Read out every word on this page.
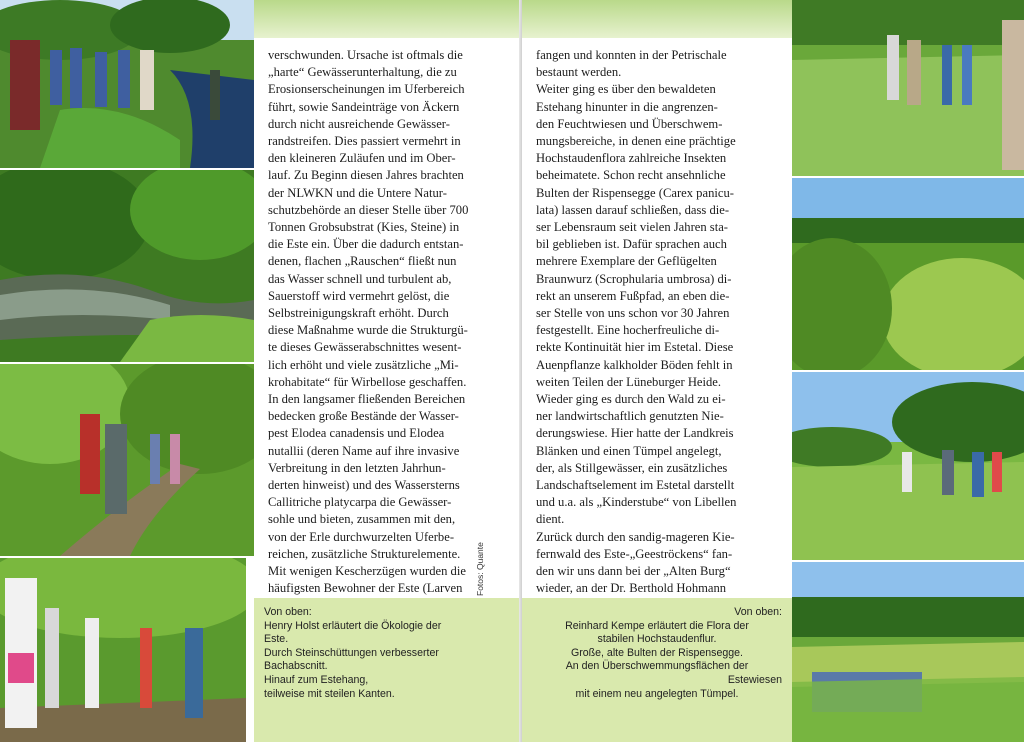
verschwunden. Ursache ist oftmals die

„harte“ Gewässerunterhaltung, die zu

Erosionserscheinungen im Uferbereich

führt, sowie Sandeinträge von Äckern

durch nicht ausreichende Gewässer-

randstreifen. Dies passiert vermehrt in

den kleineren Zuläufen und im Ober-

lauf. Zu Beginn diesen Jahres brachten

der NLWKN und die Untere Natur-

schutzbehörde an dieser Stelle über 700

Tonnen Grobsubstrat (Kies, Steine) in

die Este ein. Über die dadurch entstan-

denen, flachen „Rauschen“ fließt nun

das Wasser schnell und turbulent ab,

Sauerstoff wird vermehrt gelöst, die

Selbstreinigungskraft erhöht. Durch

diese Maßnahme wurde die Strukturgü-

te dieses Gewässerabschnittes wesent-

lich erhöht und viele zusätzliche „Mi-

krohabitate“ für Wirbellose geschaffen.

In den langsamer fließenden Bereichen

bedecken große Bestände der Wasser-

pest Elodea canadensis und Elodea

nutallii (deren Name auf ihre invasive

Verbreitung in den letzten Jahrhun-

derten hinweist) und des Wassersterns

Callitriche platycarpa die Gewässer-

sohle und bieten, zusammen mit den,

von der Erle durchwurzelten Uferbe-

reichen, zusätzliche Strukturelemente.

Mit wenigen Kescherzügen wurden die

häufigsten Bewohner der Este (Larven

Von oben:
Henry Holst erläutert die Ökologie der
Este.
Durch Steinschüttungen verbesserter
Bachabscnitt.
Hinauf zum Estehang,
teilweise mit steilen Kanten.
Fotos: Quante

fangen und konnten in der Petrischale

bestaunt werden.

Weiter ging es über den bewaldeten

Estehang hinunter in die angrenzen-

den Feuchtwiesen und Überschwem-

mungsbereiche, in denen eine prächtige

Hochstaudenflora zahlreiche Insekten

beheimatete. Schon recht ansehnliche

Bulten der Rispensegge (Carex panicu-

lata) lassen darauf schließen, dass die-

ser Lebensraum seit vielen Jahren sta-

bil geblieben ist. Dafür sprachen auch

mehrere Exemplare der Geflügelten

Braunwurz (Scrophularia umbrosa) di-

rekt an unserem Fußpfad, an eben die-

ser Stelle von uns schon vor 30 Jahren

festgestellt. Eine hocherfreuliche di-

rekte Kontinuität hier im Estetal. Diese

Auenpflanze kalkholder Böden fehlt in

weiten Teilen der Lüneburger Heide.

Wieder ging es durch den Wald zu ei-

ner landwirtschaftlich genutzten Nie-

derungswiese. Hier hatte der Landkreis

Blänken und einen Tümpel angelegt,

der, als Stillgewässer, ein zusätzliches

Landschaftselement im Estetal darstellt

und u.a. als „Kinderstube“ von Libellen

dient.

Zurück durch den sandig-mageren Kie-

fernwald des Este-„Geeströckens“ fan-

den wir uns dann bei der „Alten Burg“

wieder, an der Dr. Berthold Hohmann

Von oben:
Reinhard Kempe erläutert die Flora der
stabilen Hochstaudenflur.
Große, alte Bulten der Rispensegge.
An den Überschwemmungsflächen der
Estewiesen
mit einem neu angelegten Tümpel.
